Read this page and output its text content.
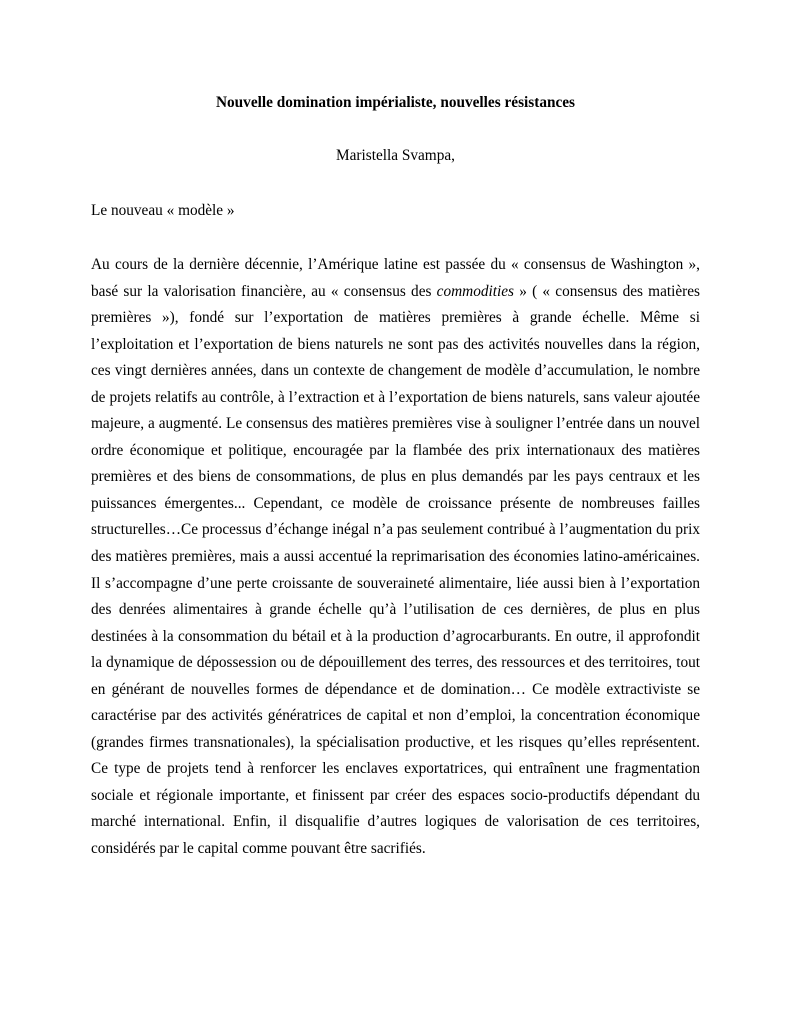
Nouvelle domination impérialiste, nouvelles résistances

Maristella Svampa,

Le nouveau « modèle »

Au cours de la dernière décennie, l’Amérique latine est passée du « consensus de Washington », basé sur la valorisation financière, au « consensus des commodities » ( « consensus des matières premières »), fondé sur l’exportation de matières premières à grande échelle. Même si l’exploitation et l’exportation de biens naturels ne sont pas des activités nouvelles dans la région, ces vingt dernières années, dans un contexte de changement de modèle d’accumulation, le nombre de projets relatifs au contrôle, à l’extraction et à l’exportation de biens naturels, sans valeur ajoutée majeure, a augmenté. Le consensus des matières premières vise à souligner l’entrée dans un nouvel ordre économique et politique, encouragée par la flambée des prix internationaux des matières premières et des biens de consommations, de plus en plus demandés par les pays centraux et les puissances émergentes... Cependant, ce modèle de croissance présente de nombreuses failles structurelles…Ce processus d’échange inégal n’a pas seulement contribué à l’augmentation du prix des matières premières, mais a aussi accentué la reprimarisation des économies latino-américaines. Il s’accompagne d’une perte croissante de souveraineté alimentaire, liée aussi bien à l’exportation des denrées alimentaires à grande échelle qu’à l’utilisation de ces dernières, de plus en plus destinées à la consommation du bétail et à la production d’agrocarburants. En outre, il approfondit la dynamique de dépossession ou de dépouillement des terres, des ressources et des territoires, tout en générant de nouvelles formes de dépendance et de domination… Ce modèle extractiviste se caractérise par des activités génératrices de capital et non d’emploi, la concentration économique (grandes firmes transnationales), la spécialisation productive, et les risques qu’elles représentent. Ce type de projets tend à renforcer les enclaves exportatrices, qui entraînent une fragmentation sociale et régionale importante, et finissent par créer des espaces socio-productifs dépendant du marché international. Enfin, il disqualifie d’autres logiques de valorisation de ces territoires, considérés par le capital comme pouvant être sacrifiés.
